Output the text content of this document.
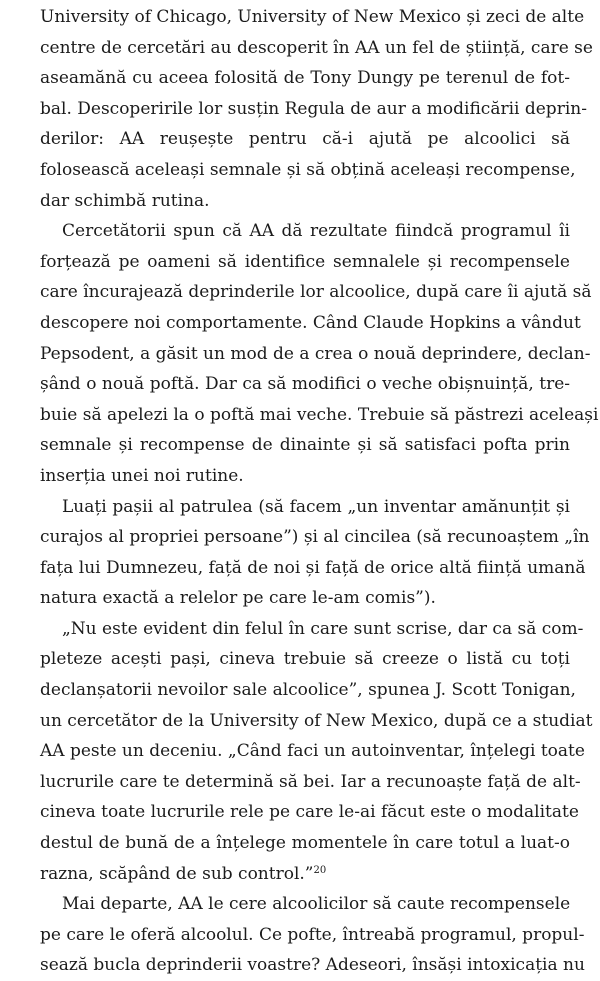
University of Chicago, University of New Mexico și zeci de alte
centre de cercetări au descoperit în AA un fel de știință, care se
aseamănă cu aceea folosită de Tony Dungy pe terenul de fot-
bal. Descoperirile lor susțin Regula de aur a modificării deprin-
derilor: AA reușește pentru că-i ajută pe alcoolici să
folosească aceleași semnale și să obțină aceleași recompense,
dar schimbă rutina.

Cercetătorii spun că AA dă rezultate fiindcă programul îi
forțează pe oameni să identifice semnalele și recompensele
care încurajează deprinderile lor alcoolice, după care îi ajută să
descopere noi comportamente. Când Claude Hopkins a vândut
Pepsodent, a găsit un mod de a crea o nouă deprindere, declan-
șând o nouă poftă. Dar ca să modifici o veche obișnuință, tre-
buie să apelezi la o poftă mai veche. Trebuie să păstrezi aceleași
semnale și recompense de dinainte și să satisfaci pofta prin
inserția unei noi rutine.

Luați pașii al patrulea (să facem „un inventar amănunțit și
curajos al propriei persoane”) și al cincilea (să recunoaștem „în
fața lui Dumnezeu, față de noi și față de orice altă ființă umană
natura exactă a relelor pe care le-am comis”).

„Nu este evident din felul în care sunt scrise, dar ca să com-
pleteze acești pași, cineva trebuie să creeze o listă cu toți
declanșatorii nevoilor sale alcoolice”, spunea J. Scott Tonigan,
un cercetător de la University of New Mexico, după ce a studiat
AA peste un deceniu. „Când faci un autoinventar, înțelegi toate
lucrurile care te determină să bei. Iar a recunoaște față de alt-
cineva toate lucrurile rele pe care le-ai făcut este o modalitate
destul de bună de a înțelege momentele în care totul a luat-o
razna, scăpând de sub control.”$^{20}$

Mai departe, AA le cere alcoolicilor să caute recompensele
pe care le oferă alcoolul. Ce pofte, întreabă programul, propul-
sează bucla deprinderii voastre? Adeseori, însăși intoxicația nu
